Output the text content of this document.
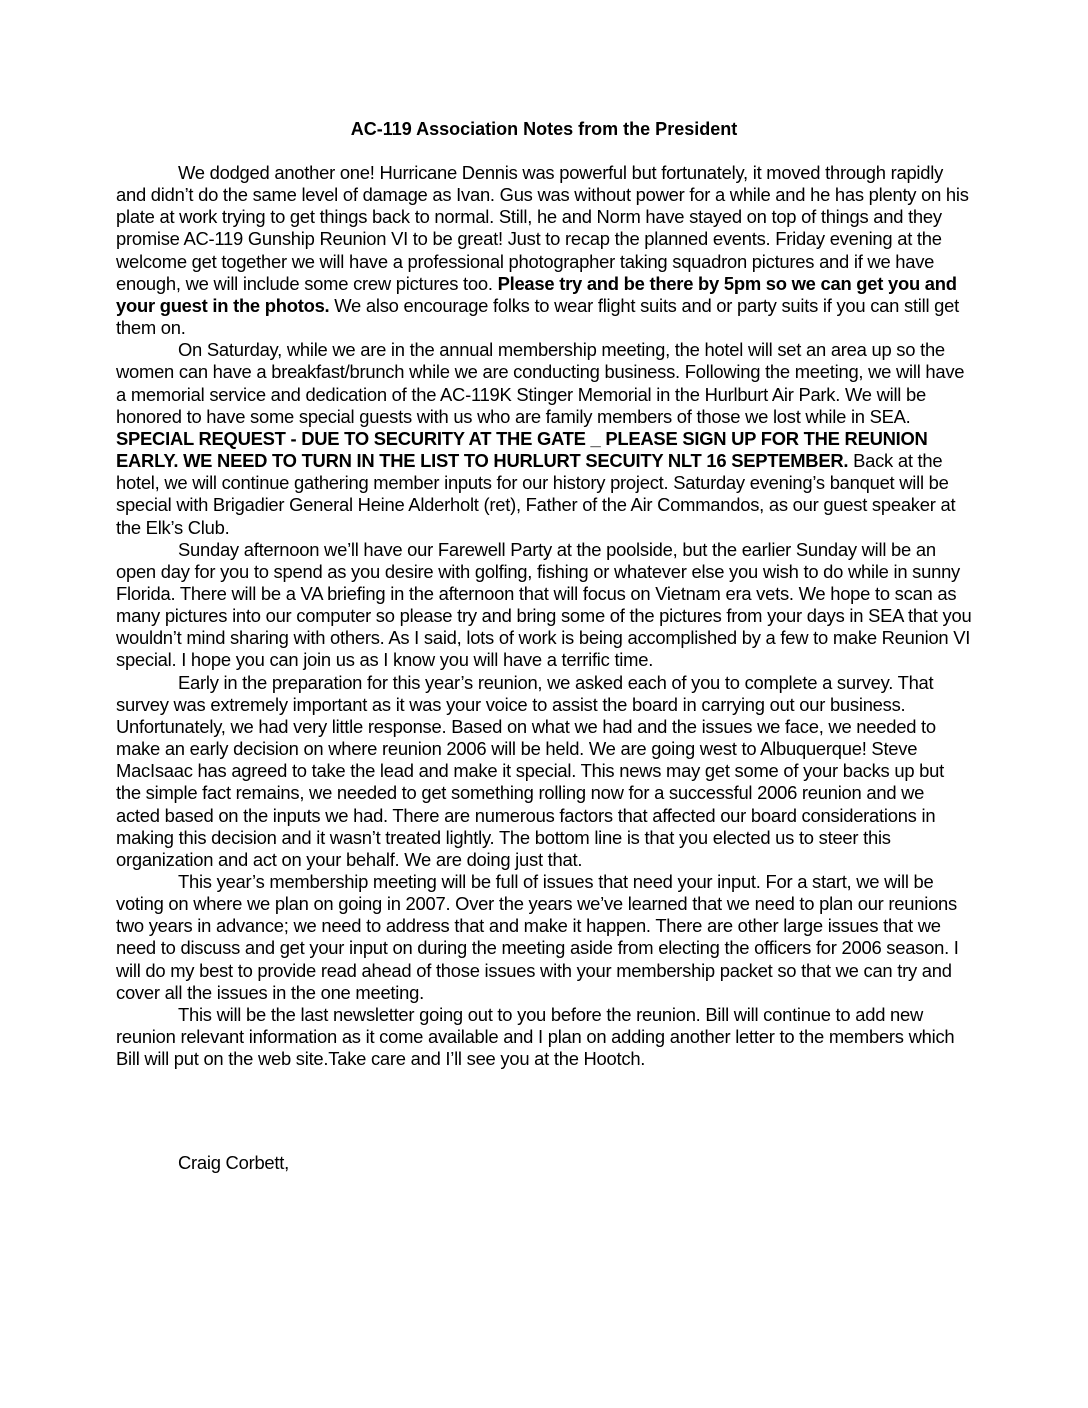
AC-119 Association Notes from the President

We dodged another one! Hurricane Dennis was powerful but fortunately, it moved through rapidly and didn’t do the same level of damage as Ivan. Gus was without power for a while and he has plenty on his plate at work trying to get things back to normal. Still, he and Norm have stayed on top of things and they promise AC-119 Gunship Reunion VI to be great! Just to recap the planned events. Friday evening at the welcome get together we will have a professional photographer taking squadron pictures and if we have enough, we will include some crew pictures too. Please try and be there by 5pm so we can get you and your guest in the photos. We also encourage folks to wear flight suits and or party suits if you can still get them on.

On Saturday, while we are in the annual membership meeting, the hotel will set an area up so the women can have a breakfast/brunch while we are conducting business. Following the meeting, we will have a memorial service and dedication of the AC-119K Stinger Memorial in the Hurlburt Air Park. We will be honored to have some special guests with us who are family members of those we lost while in SEA. SPECIAL REQUEST - DUE TO SECURITY AT THE GATE _ PLEASE SIGN UP FOR THE REUNION EARLY. WE NEED TO TURN IN THE LIST TO HURLURT SECUITY NLT 16 SEPTEMBER. Back at the hotel, we will continue gathering member inputs for our history project. Saturday evening’s banquet will be special with Brigadier General Heine Alderholt (ret), Father of the Air Commandos, as our guest speaker at the Elk’s Club.

Sunday afternoon we’ll have our Farewell Party at the poolside, but the earlier Sunday will be an open day for you to spend as you desire with golfing, fishing or whatever else you wish to do while in sunny Florida. There will be a VA briefing in the afternoon that will focus on Vietnam era vets. We hope to scan as many pictures into our computer so please try and bring some of the pictures from your days in SEA that you wouldn’t mind sharing with others. As I said, lots of work is being accomplished by a few to make Reunion VI special. I hope you can join us as I know you will have a terrific time.

Early in the preparation for this year’s reunion, we asked each of you to complete a survey. That survey was extremely important as it was your voice to assist the board in carrying out our business. Unfortunately, we had very little response. Based on what we had and the issues we face, we needed to make an early decision on where reunion 2006 will be held. We are going west to Albuquerque! Steve MacIsaac has agreed to take the lead and make it special. This news may get some of your backs up but the simple fact remains, we needed to get something rolling now for a successful 2006 reunion and we acted based on the inputs we had. There are numerous factors that affected our board considerations in making this decision and it wasn’t treated lightly. The bottom line is that you elected us to steer this organization and act on your behalf. We are doing just that.

This year’s membership meeting will be full of issues that need your input. For a start, we will be voting on where we plan on going in 2007. Over the years we’ve learned that we need to plan our reunions two years in advance; we need to address that and make it happen. There are other large issues that we need to discuss and get your input on during the meeting aside from electing the officers for 2006 season. I will do my best to provide read ahead of those issues with your membership packet so that we can try and cover all the issues in the one meeting.

This will be the last newsletter going out to you before the reunion. Bill will continue to add new reunion relevant information as it come available and I plan on adding another letter to the members which Bill will put on the web site.Take care and I’ll see you at the Hootch.

Craig Corbett,
